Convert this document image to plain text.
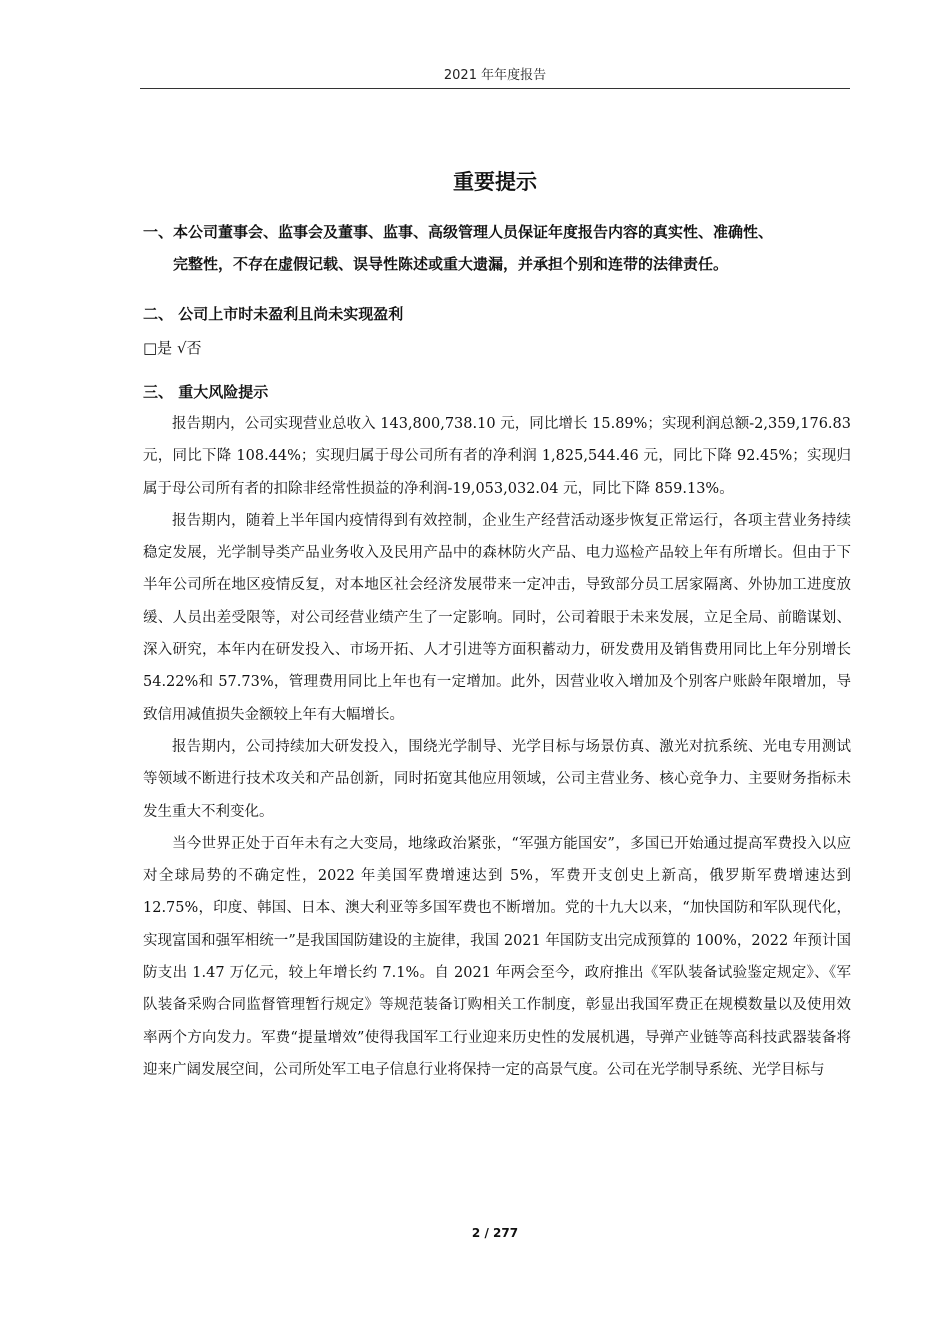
2021 年年度报告
重要提示
一、本公司董事会、监事会及董事、监事、高级管理人员保证年度报告内容的真实性、准确性、
完整性，不存在虚假记载、误导性陈述或重大遗漏，并承担个别和连带的法律责任。
二、 公司上市时未盈利且尚未实现盈利
□是 √否
三、 重大风险提示

报告期内，公司实现营业总收入 143,800,738.10 元，同比增长 15.89%；实现利润总额-2,359,176.83 元，同比下降 108.44%；实现归属于母公司所有者的净利润 1,825,544.46 元，同比下降 92.45%；实现归属于母公司所有者的扣除非经常性损益的净利润-19,053,032.04 元，同比下降 859.13%。

报告期内，随着上半年国内疫情得到有效控制，企业生产经营活动逐步恢复正常运行，各项主营业务持续稳定发展，光学制导类产品业务收入及民用产品中的森林防火产品、电力巡检产品较上年有所增长。但由于下半年公司所在地区疫情反复，对本地区社会经济发展带来一定冲击，导致部分员工居家隔离、外协加工进度放缓、人员出差受限等，对公司经营业绩产生了一定影响。同时，公司着眼于未来发展，立足全局、前瞻谋划、深入研究，本年内在研发投入、市场开拓、人才引进等方面积蓄动力，研发费用及销售费用同比上年分别增长 54.22%和 57.73%，管理费用同比上年也有一定增加。此外，因营业收入增加及个别客户账龄年限增加，导致信用减值损失金额较上年有大幅增长。

报告期内，公司持续加大研发投入，围绕光学制导、光学目标与场景仿真、激光对抗系统、光电专用测试等领域不断进行技术攻关和产品创新，同时拓宽其他应用领域，公司主营业务、核心竞争力、主要财务指标未发生重大不利变化。

当今世界正处于百年未有之大变局，地缘政治紧张，“军强方能国安”，多国已开始通过提高军费投入以应对全球局势的不确定性，2022 年美国军费增速达到 5%，军费开支创史上新高，俄罗斯军费增速达到 12.75%，印度、韩国、日本、澳大利亚等多国军费也不断增加。党的十九大以来，“加快国防和军队现代化，实现富国和强军相统一”是我国国防建设的主旋律，我国 2021 年国防支出完成预算的 100%，2022 年预计国防支出 1.47 万亿元，较上年增长约 7.1%。自 2021 年两会至今，政府推出《军队装备试验鉴定规定》、《军队装备采购合同监督管理暂行规定》等规范装备订购相关工作制度，彰显出我国军费正在规模数量以及使用效率两个方向发力。军费“提量增效”使得我国军工行业迎来历史性的发展机遇，导弹产业链等高科技武器装备将迎来广阔发展空间，公司所处军工电子信息行业将保持一定的高景气度。公司在光学制导系统、光学目标与

2 / 277
